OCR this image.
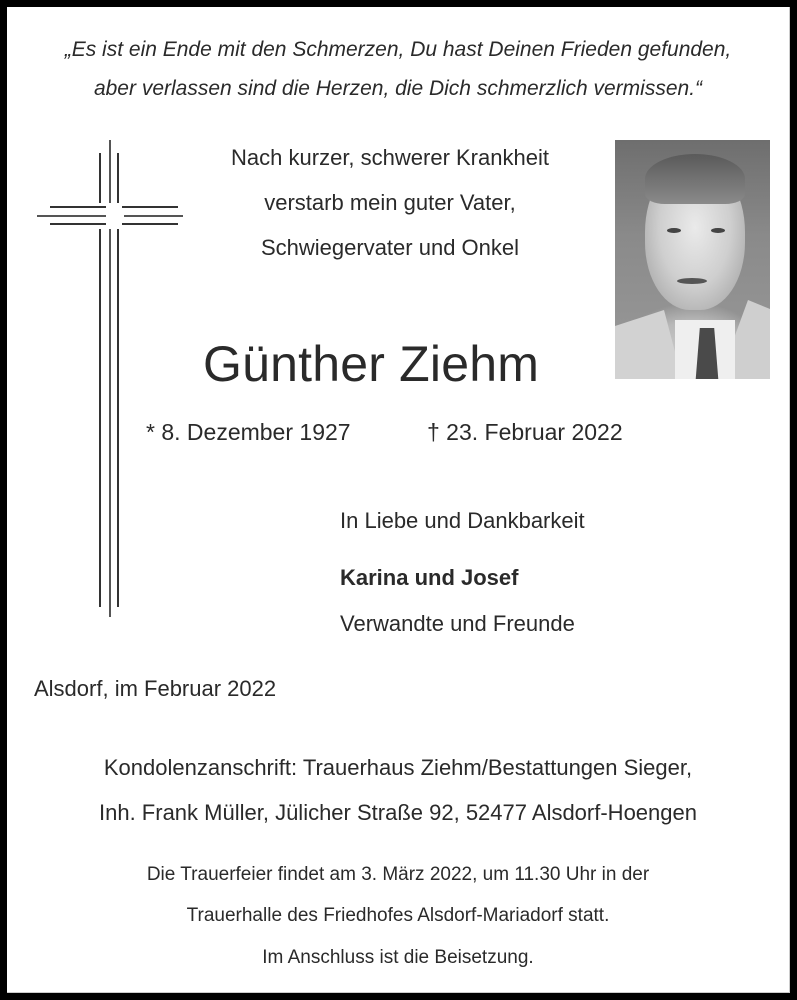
„Es ist ein Ende mit den Schmerzen, Du hast Deinen Frieden gefunden,
aber verlassen sind die Herzen, die Dich schmerzlich vermissen.“
Nach kurzer, schwerer Krankheit
verstarb mein guter Vater,
Schwiegervater und Onkel
Günther Ziehm
* 8. Dezember 1927	† 23. Februar 2022
In Liebe und Dankbarkeit
Karina und Josef
Verwandte und Freunde
Alsdorf, im Februar 2022
Kondolenzanschrift: Trauerhaus Ziehm/Bestattungen Sieger,
Inh. Frank Müller, Jülicher Straße 92, 52477 Alsdorf-Hoengen
Die Trauerfeier findet am 3. März 2022, um 11.30 Uhr in der
Trauerhalle des Friedhofes Alsdorf-Mariadorf statt.
Im Anschluss ist die Beisetzung.
